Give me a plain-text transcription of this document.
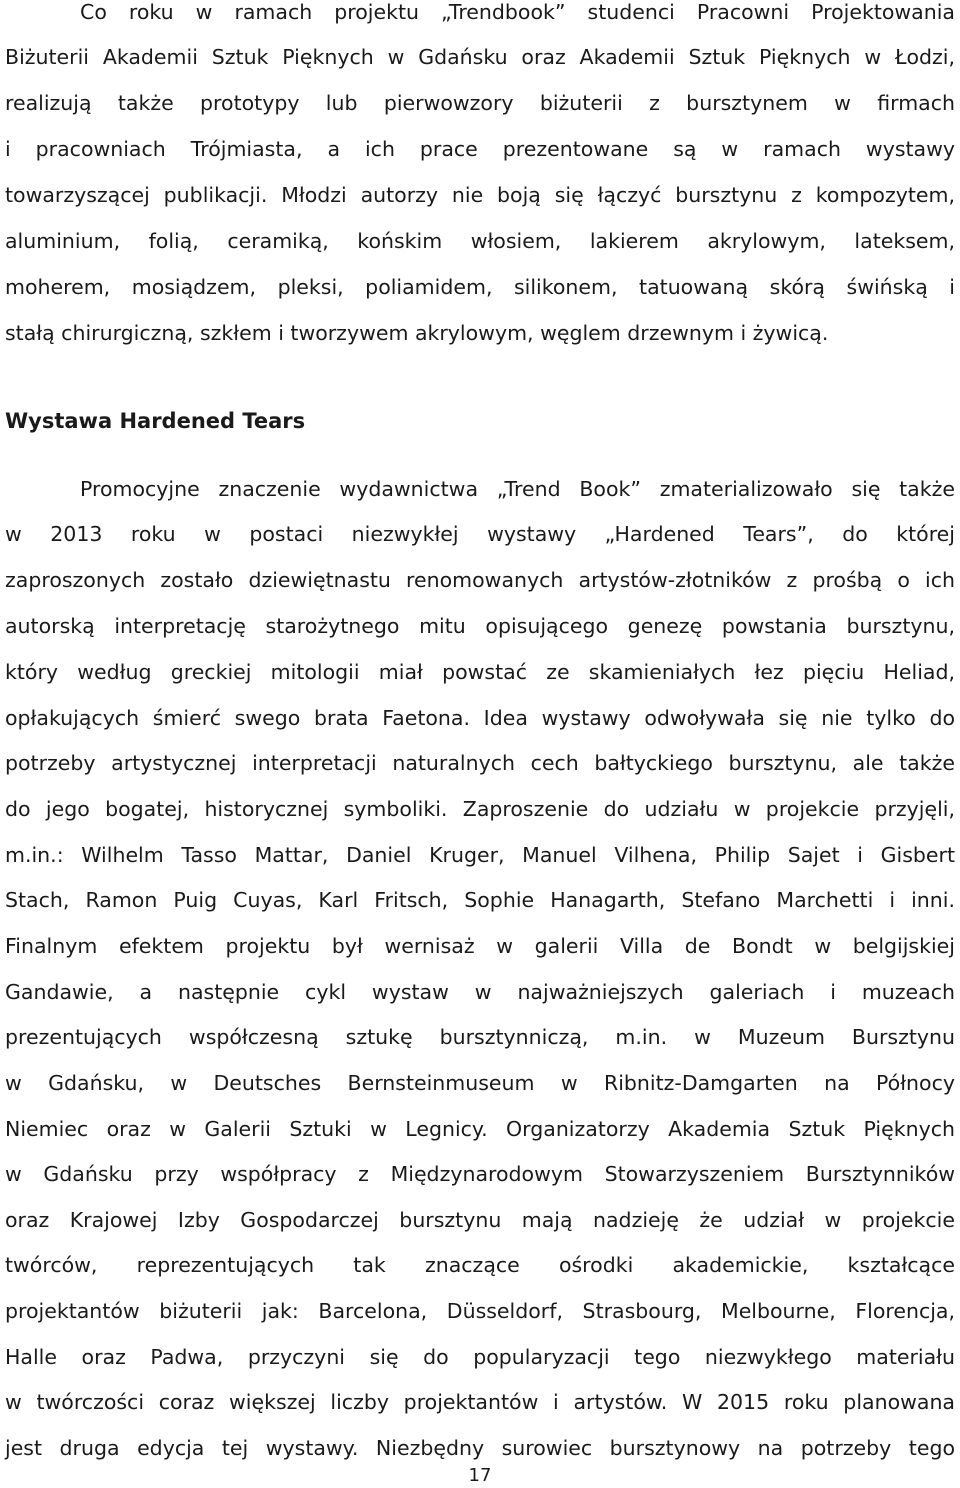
Co roku w ramach projektu „Trendbook” studenci Pracowni Projektowania
Biżuterii Akademii Sztuk Pięknych w Gdańsku oraz Akademii Sztuk Pięknych w Łodzi,
realizują także prototypy lub pierwowzory biżuterii z bursztynem w firmach
i pracowniach Trójmiasta, a ich prace prezentowane są w ramach wystawy
towarzyszącej publikacji. Młodzi autorzy nie boją się łączyć bursztynu z kompozytem,
aluminium, folią, ceramiką, końskim włosiem, lakierem akrylowym, lateksem,
moherem, mosiądzem, pleksi, poliamidem, silikonem, tatuowaną skórą świńską i
stałą chirurgiczną, szkłem i tworzywem akrylowym, węglem drzewnym i żywicą.
Wystawa Hardened Tears
Promocyjne znaczenie wydawnictwa „Trend Book” zmaterializowało się także
w 2013 roku w postaci niezwykłej wystawy „Hardened Tears”, do której
zaproszonych zostało dziewiętnastu renomowanych artystów-złotników z prośbą o ich
autorską interpretację starożytnego mitu opisującego genezę powstania bursztynu,
który według greckiej mitologii miał powstać ze skamieniałych łez pięciu Heliad,
opłakujących śmierć swego brata Faetona. Idea wystawy odwoływała się nie tylko do
potrzeby artystycznej interpretacji naturalnych cech bałtyckiego bursztynu, ale także
do jego bogatej, historycznej symboliki. Zaproszenie do udziału w projekcie przyjęli,
m.in.: Wilhelm Tasso Mattar, Daniel Kruger, Manuel Vilhena, Philip Sajet i Gisbert
Stach, Ramon Puig Cuyas, Karl Fritsch, Sophie Hanagarth, Stefano Marchetti i inni.
Finalnym efektem projektu był wernisaż w galerii Villa de Bondt w belgijskiej
Gandawie, a następnie cykl wystaw w najważniejszych galeriach i muzeach
prezentujących współczesną sztukę bursztynniczą, m.in. w Muzeum Bursztynu
w Gdańsku, w Deutsches Bernsteinmuseum w Ribnitz-Damgarten na Północy
Niemiec oraz w Galerii Sztuki w Legnicy. Organizatorzy Akademia Sztuk Pięknych
w Gdańsku przy współpracy z Międzynarodowym Stowarzyszeniem Bursztynników
oraz Krajowej Izby Gospodarczej bursztynu mają nadzieję że udział w projekcie
twórców, reprezentujących tak znaczące ośrodki akademickie, kształcące
projektantów biżuterii jak: Barcelona, Düsseldorf, Strasbourg, Melbourne, Florencja,
Halle oraz Padwa, przyczyni się do popularyzacji tego niezwykłego materiału
w twórczości coraz większej liczby projektantów i artystów. W 2015 roku planowana
jest druga edycja tej wystawy. Niezbędny surowiec bursztynowy na potrzeby tego
17
